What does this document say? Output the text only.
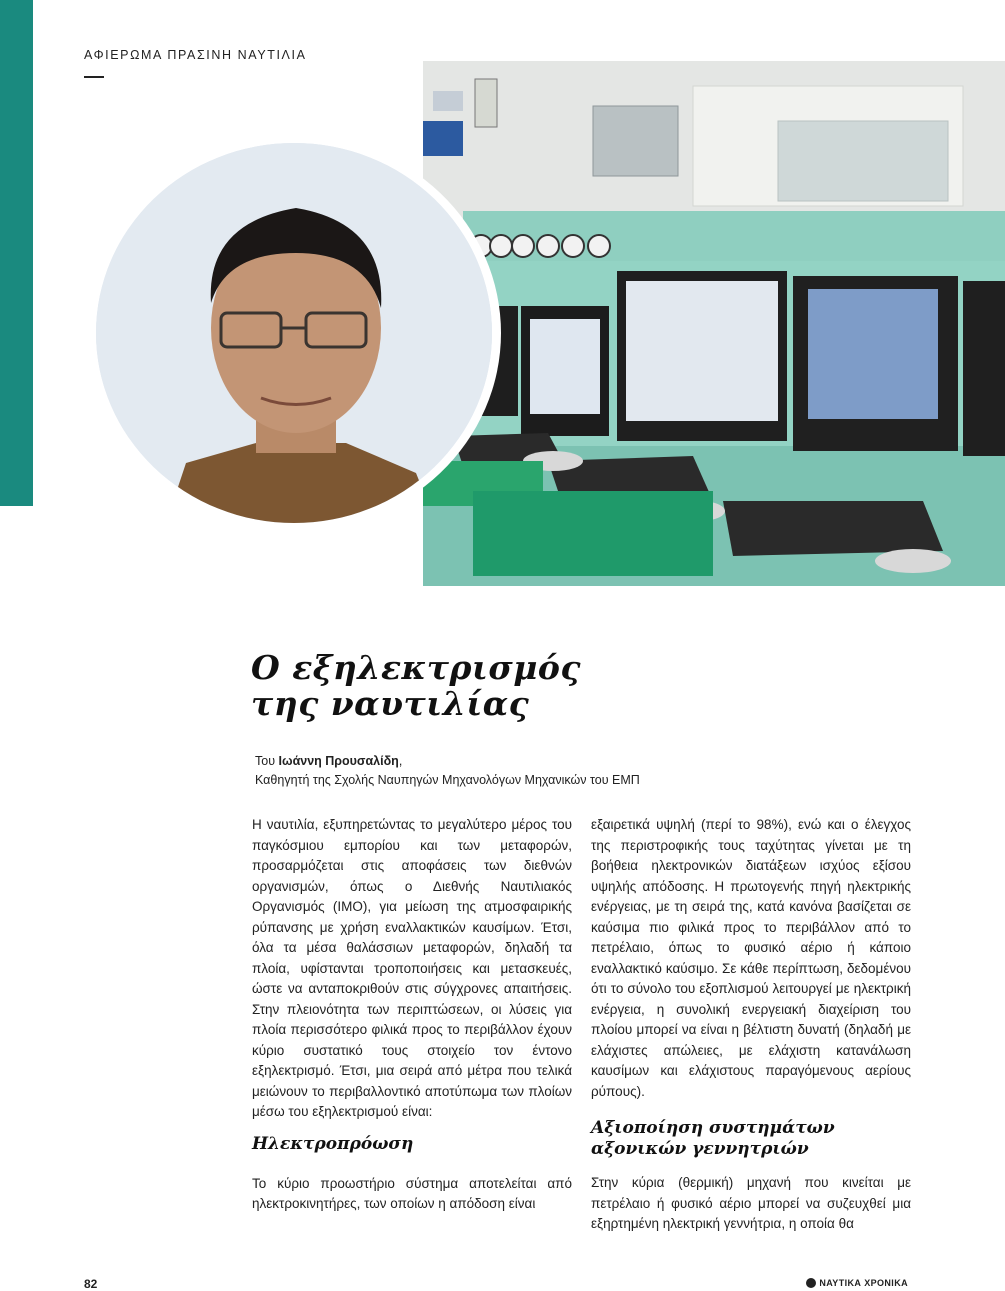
ΑΦΙΕΡΩΜΑ ΠΡΑΣΙΝΗ ΝΑΥΤΙΛΙΑ
Ο εξηλεκτρισμός
της ναυτιλίας
Του Ιωάννη Προυσαλίδη,
Καθηγητή της Σχολής Ναυπηγών Μηχανολόγων Μηχανικών του ΕΜΠ

Η ναυτιλία, εξυπηρετώντας το μεγαλύτερο μέρος του παγκόσμιου εμπορίου και των μεταφορών, προσαρμόζεται στις αποφάσεις των διεθνών οργανισμών, όπως ο Διεθνής Ναυτιλιακός Οργανισμός (IMO), για μείωση της ατμοσφαιρικής ρύπανσης με χρήση εναλλακτικών καυσίμων. Έτσι, όλα τα μέσα θαλάσσιων μεταφορών, δηλαδή τα πλοία, υφίστανται τροποποιήσεις και μετασκευές, ώστε να ανταποκριθούν στις σύγχρονες απαιτήσεις. Στην πλειονότητα των περιπτώσεων, οι λύσεις για πλοία περισσότερο φιλικά προς το περιβάλλον έχουν κύριο συστατικό τους στοιχείο τον έντονο εξηλεκτρισμό. Έτσι, μια σειρά από μέτρα που τελικά μειώνουν το περιβαλλοντικό αποτύπωμα των πλοίων μέσω του εξηλεκτρισμού είναι:

Ηλεκτροπρόωση

Το κύριο προωστήριο σύστημα αποτελείται από ηλεκτροκινητήρες, των οποίων η απόδοση είναι

εξαιρετικά υψηλή (περί το 98%), ενώ και ο έλεγχος της περιστροφικής τους ταχύτητας γίνεται με τη βοήθεια ηλεκτρονικών διατάξεων ισχύος εξίσου υψηλής απόδοσης. Η πρωτογενής πηγή ηλεκτρικής ενέργειας, με τη σειρά της, κατά κανόνα βασίζεται σε καύσιμα πιο φιλικά προς το περιβάλλον από το πετρέλαιο, όπως το φυσικό αέριο ή κάποιο εναλλακτικό καύσιμο. Σε κάθε περίπτωση, δεδομένου ότι το σύνολο του εξοπλισμού λειτουργεί με ηλεκτρική ενέργεια, η συνολική ενεργειακή διαχείριση του πλοίου μπορεί να είναι η βέλτιστη δυνατή (δηλαδή με ελάχιστες απώλειες, με ελάχιστη κατανάλωση καυσίμων και ελάχιστους παραγόμενους αερίους ρύπους).

Αξιοποίηση συστημάτων
αξονικών γεννητριών

Στην κύρια (θερμική) μηχανή που κινείται με πετρέλαιο ή φυσικό αέριο μπορεί να συζευχθεί μια εξηρτημένη ηλεκτρική γεννήτρια, η οποία θα

82	ΝΑΥΤΙΚΑ ΧΡΟΝΙΚΑ
